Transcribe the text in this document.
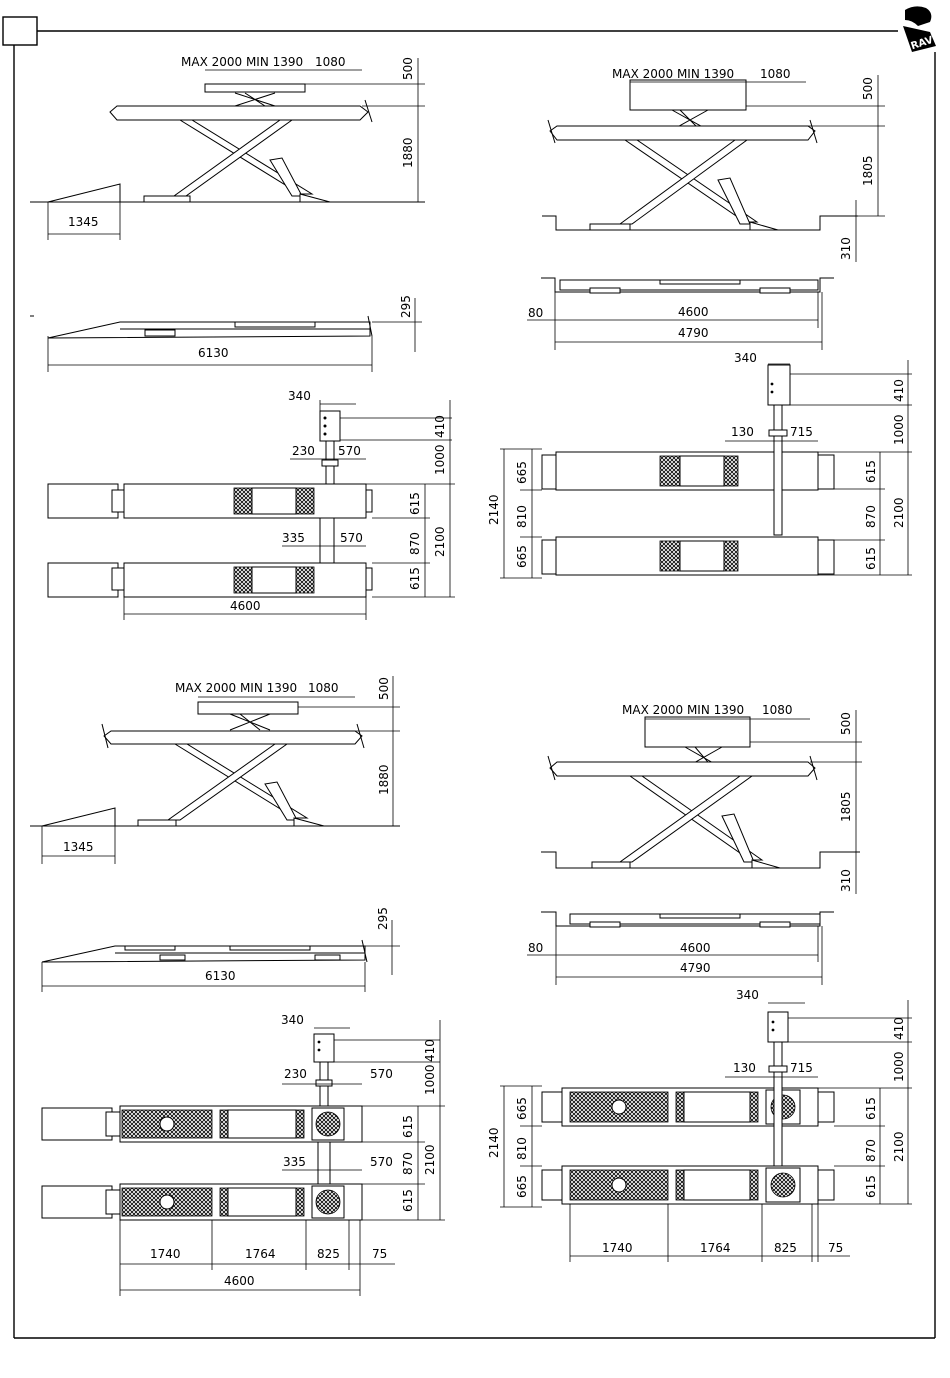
RAV
MAX 2000 MIN 1390 1080	500
1880
1345
6130
295
340
230 570
335	570
410
1000
615
870
615
2100
4600
MAX 2000 MIN 1390 1080
500
1805
310
80	4600
4790
340
130	715
410
1000
615
870
615
2100
2140
665
810
665
MAX 2000 MIN 1390 1080	500
1880
1345
6130
295
340
230	570
335	570
410
1000
615
870
615
2100
1740	1764	825	75
4600
MAX 2000 MIN 1390 1080
500
1805
310
80	4600
4790
340
130	715
410
1000
615
870
615
2100
2140
665
810
665
1740	1764	825	75
